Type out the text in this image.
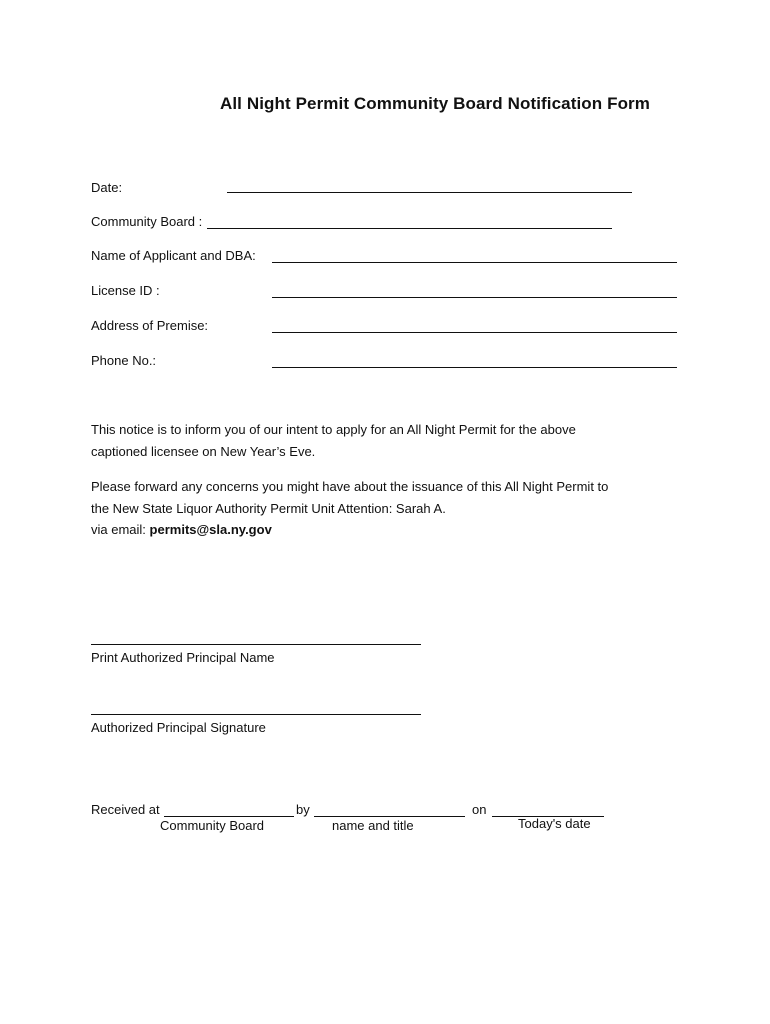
All Night Permit Community Board Notification Form
Date:
Community Board :
Name of Applicant and DBA:
License ID :
Address of Premise:
Phone No.:
This notice is to inform you of our intent to apply for an All Night Permit for the above
captioned licensee on New Year’s Eve.
Please forward any concerns you might have about the issuance of this All Night Permit to
the New State Liquor Authority Permit Unit Attention: Sarah A.
via email: permits@sla.ny.gov
Print Authorized Principal Name
Authorized Principal Signature
Received at	by	on
Community Board	name and title	Today's date
